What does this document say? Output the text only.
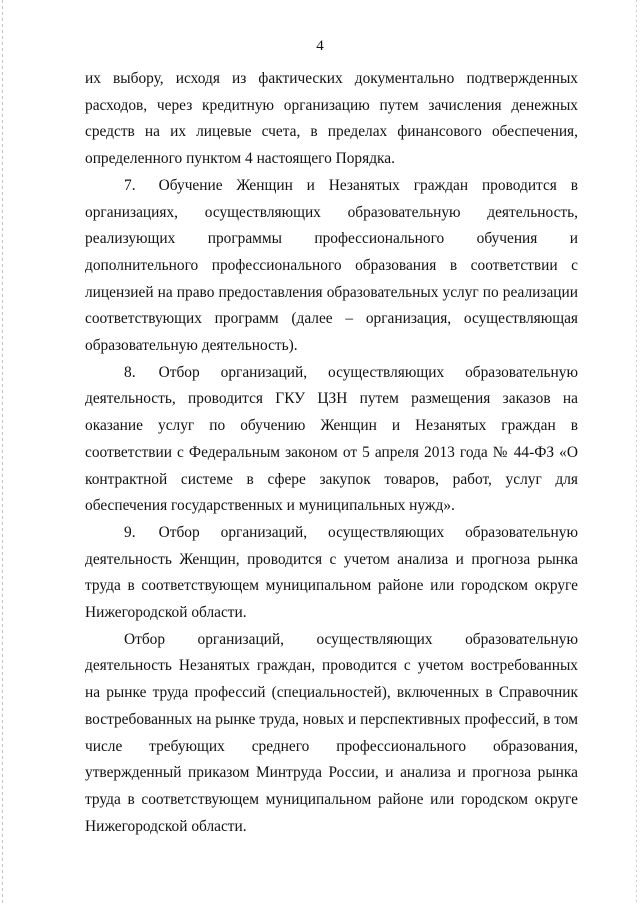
4

их выбору, исходя из фактических документально подтвержденных расходов, через кредитную организацию путем зачисления денежных средств на их лицевые счета, в пределах финансового обеспечения, определенного пунктом 4 настоящего Порядка.

7.   Обучение Женщин и Незанятых граждан проводится в организациях, осуществляющих образовательную деятельность, реализующих программы профессионального обучения и дополнительного профессионального образования в соответствии с лицензией на право предоставления образовательных услуг по реализации соответствующих программ (далее – организация, осуществляющая образовательную деятельность).

8.   Отбор организаций, осуществляющих образовательную деятельность, проводится ГКУ ЦЗН путем размещения заказов на оказание услуг по обучению Женщин и Незанятых граждан в соответствии с Федеральным законом от 5 апреля 2013 года № 44-ФЗ «О контрактной системе в сфере закупок товаров, работ, услуг для обеспечения государственных и муниципальных нужд».

9.   Отбор организаций, осуществляющих образовательную деятельность Женщин, проводится с учетом анализа и прогноза рынка труда в соответствующем муниципальном районе или городском округе Нижегородской области.

Отбор организаций, осуществляющих образовательную деятельность Незанятых граждан, проводится с учетом востребованных на рынке труда профессий (специальностей), включенных в Справочник востребованных на рынке труда, новых и перспективных профессий, в том числе требующих среднего профессионального образования, утвержденный приказом Минтруда России, и анализа и прогноза рынка труда в соответствующем муниципальном районе или городском округе Нижегородской области.
